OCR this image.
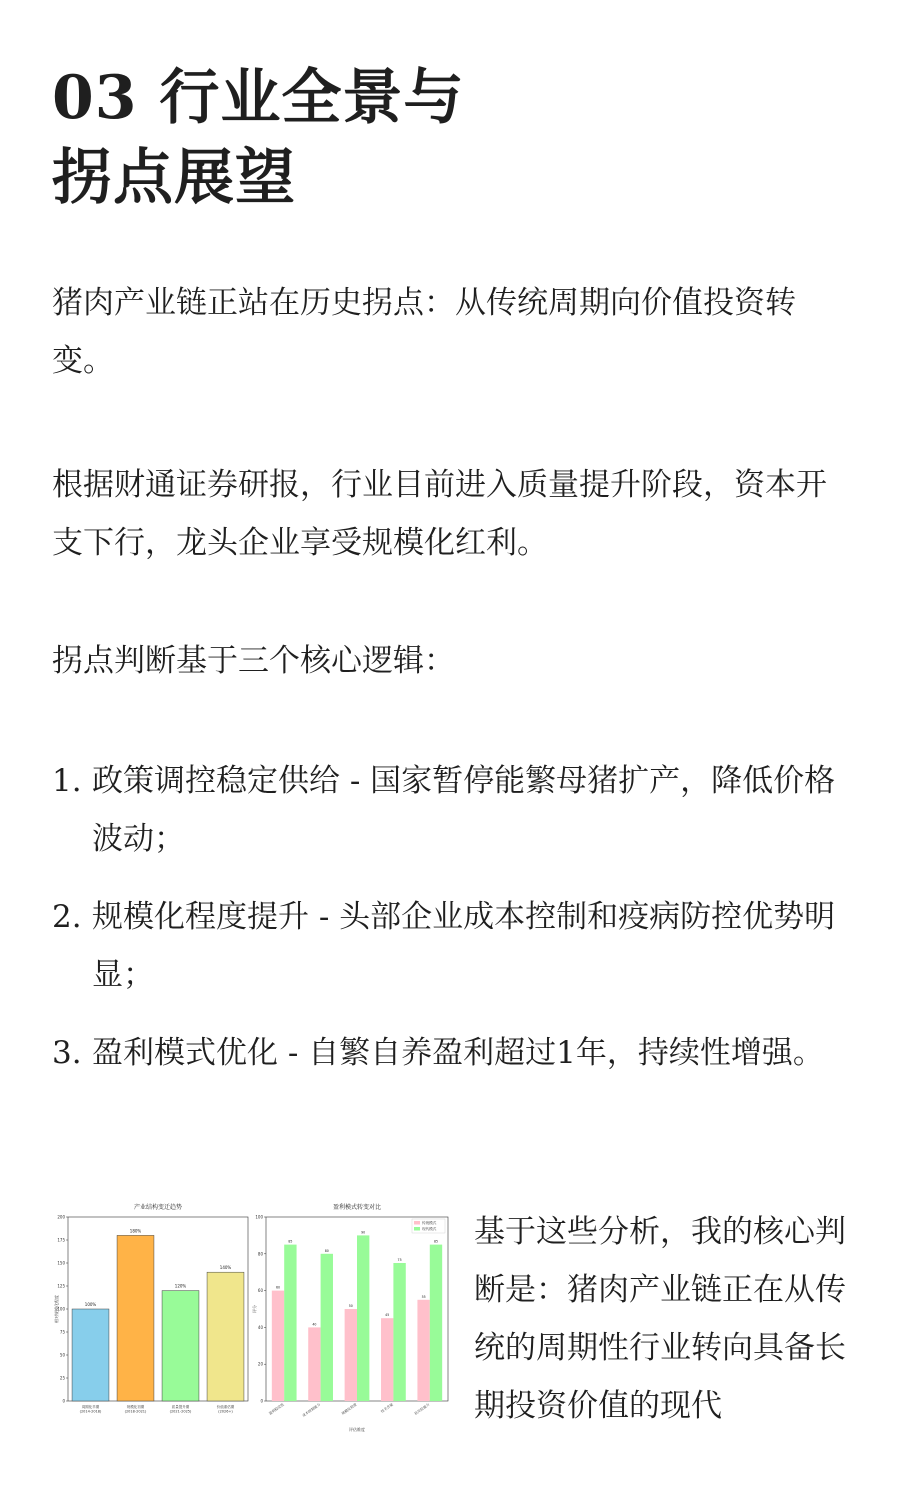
03 行业全景与
拐点展望

猪肉产业链正站在历史拐点：从传统周期向价值投资转变。

根据财通证券研报，行业目前进入质量提升阶段，资本开支下行，龙头企业享受规模化红利。

拐点判断基于三个核心逻辑：

1. 政策调控稳定供给 - 国家暂停能繁母猪扩产，降低价格波动；
2. 规模化程度提升 - 头部企业成本控制和疫病防控优势明显；
3. 盈利模式优化 - 自繁自养盈利超过1年，持续性增强。
产业结构变迁趋势
0
25
50
75
100
125
150
175
200
相对规模化程度	100%
周期化早期
(2014-2018)
180%
规模化初期
(2018-2021)
120%
质量提升期
(2021-2025)
140%
价值重估期
(2026+)
盈利模式转变对比
0
20
40
60
80
100
评分
评估维度
60
85
盈利稳定性
40
80
成本控制能力
50
90
规模化程度
45
75
技术含量
55
85
抗风险能力
传统模式
现代模式 基于这些分析，我的核心判断是：猪肉产业链正在从传统的周期性行业转向具备长期投资价值的现代
